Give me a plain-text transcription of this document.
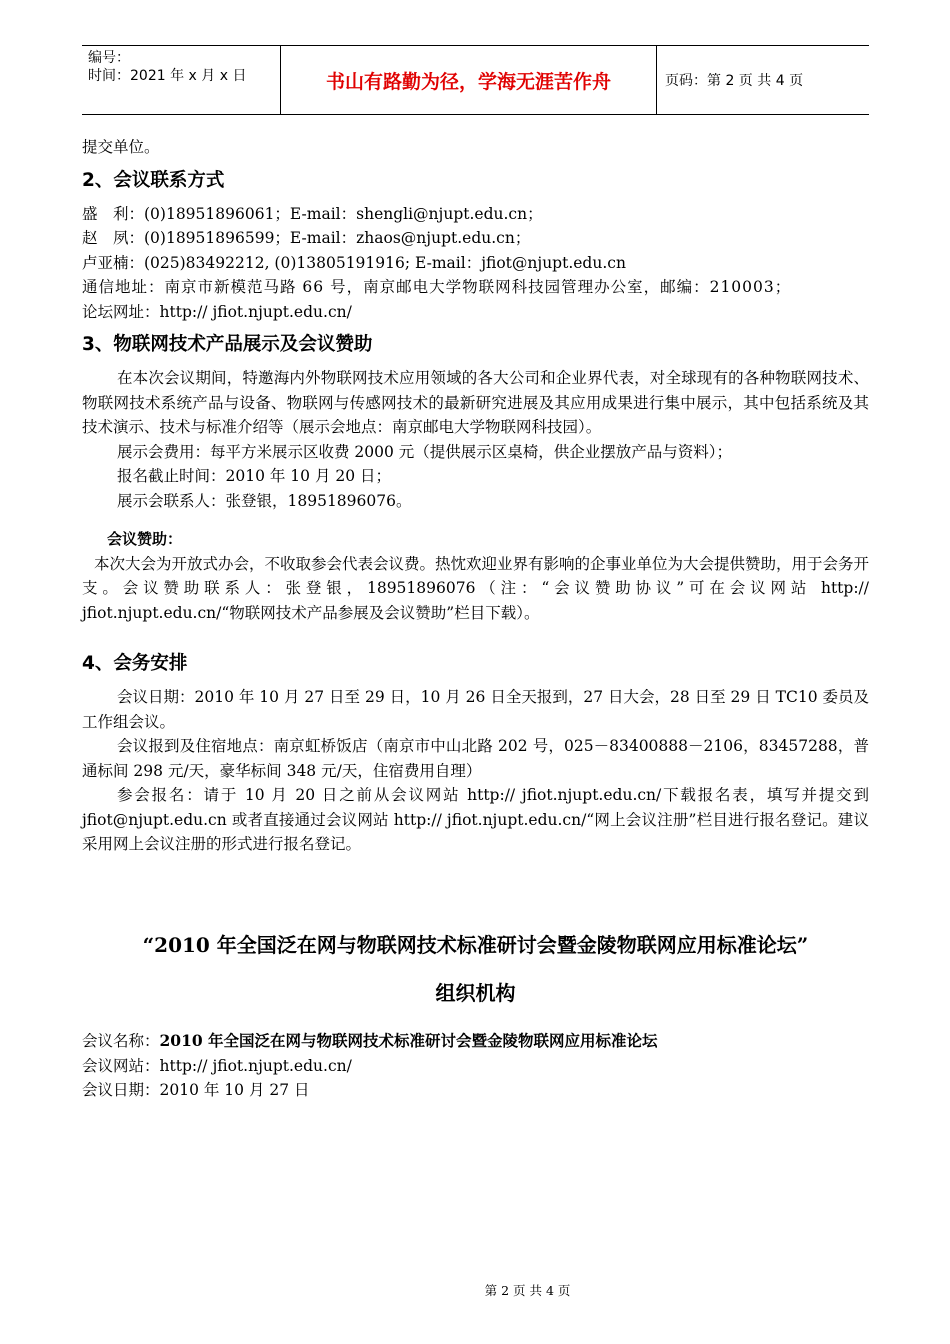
编号：
时间：2021 年 x 月 x 日	书山有路勤为径，学海无涯苦作舟	页码：第 2 页 共 4 页
提交单位。
2、会议联系方式
盛　利：(0)18951896061；E-mail：shengli@njupt.edu.cn；
赵　夙：(0)18951896599；E-mail：zhaos@njupt.edu.cn；
卢亚楠：(025)83492212, (0)13805191916; E-mail：jfiot@njupt.edu.cn
通信地址：南京市新模范马路 66 号，南京邮电大学物联网科技园管理办公室，邮编：210003；
论坛网址：http:// jfiot.njupt.edu.cn/
3、物联网技术产品展示及会议赞助
在本次会议期间，特邀海内外物联网技术应用领域的各大公司和企业界代表，对全球现有的各种物联网技术、物联网技术系统产品与设备、物联网与传感网技术的最新研究进展及其应用成果进行集中展示，其中包括系统及其技术演示、技术与标准介绍等（展示会地点：南京邮电大学物联网科技园）。
展示会费用：每平方米展示区收费 2000 元（提供展示区桌椅，供企业摆放产品与资料）；
报名截止时间：2010 年 10 月 20 日；
展示会联系人：张登银，18951896076。
会议赞助：
本次大会为开放式办会，不收取参会代表会议费。热忱欢迎业界有影响的企事业单位为大会提供赞助，用于会务开支。会议赞助联系人：张登银，18951896076（注：“会议赞助协议”可在会议网站 http:// jfiot.njupt.edu.cn/“物联网技术产品参展及会议赞助”栏目下载）。
4、会务安排
会议日期：2010 年 10 月 27 日至 29 日，10 月 26 日全天报到，27 日大会，28 日至 29 日 TC10 委员及工作组会议。
会议报到及住宿地点：南京虹桥饭店（南京市中山北路 202 号，025－83400888－2106，83457288，普通标间 298 元/天，豪华标间 348 元/天，住宿费用自理）
参会报名：请于 10 月 20 日之前从会议网站 http:// jfiot.njupt.edu.cn/下载报名表，填写并提交到 jfiot@njupt.edu.cn 或者直接通过会议网站 http:// jfiot.njupt.edu.cn/“网上会议注册”栏目进行报名登记。建议采用网上会议注册的形式进行报名登记。
“2010 年全国泛在网与物联网技术标准研讨会暨金陵物联网应用标准论坛”
组织机构
会议名称：2010 年全国泛在网与物联网技术标准研讨会暨金陵物联网应用标准论坛
会议网站：http:// jfiot.njupt.edu.cn/
会议日期：2010 年 10 月 27 日
第 2 页 共 4 页
